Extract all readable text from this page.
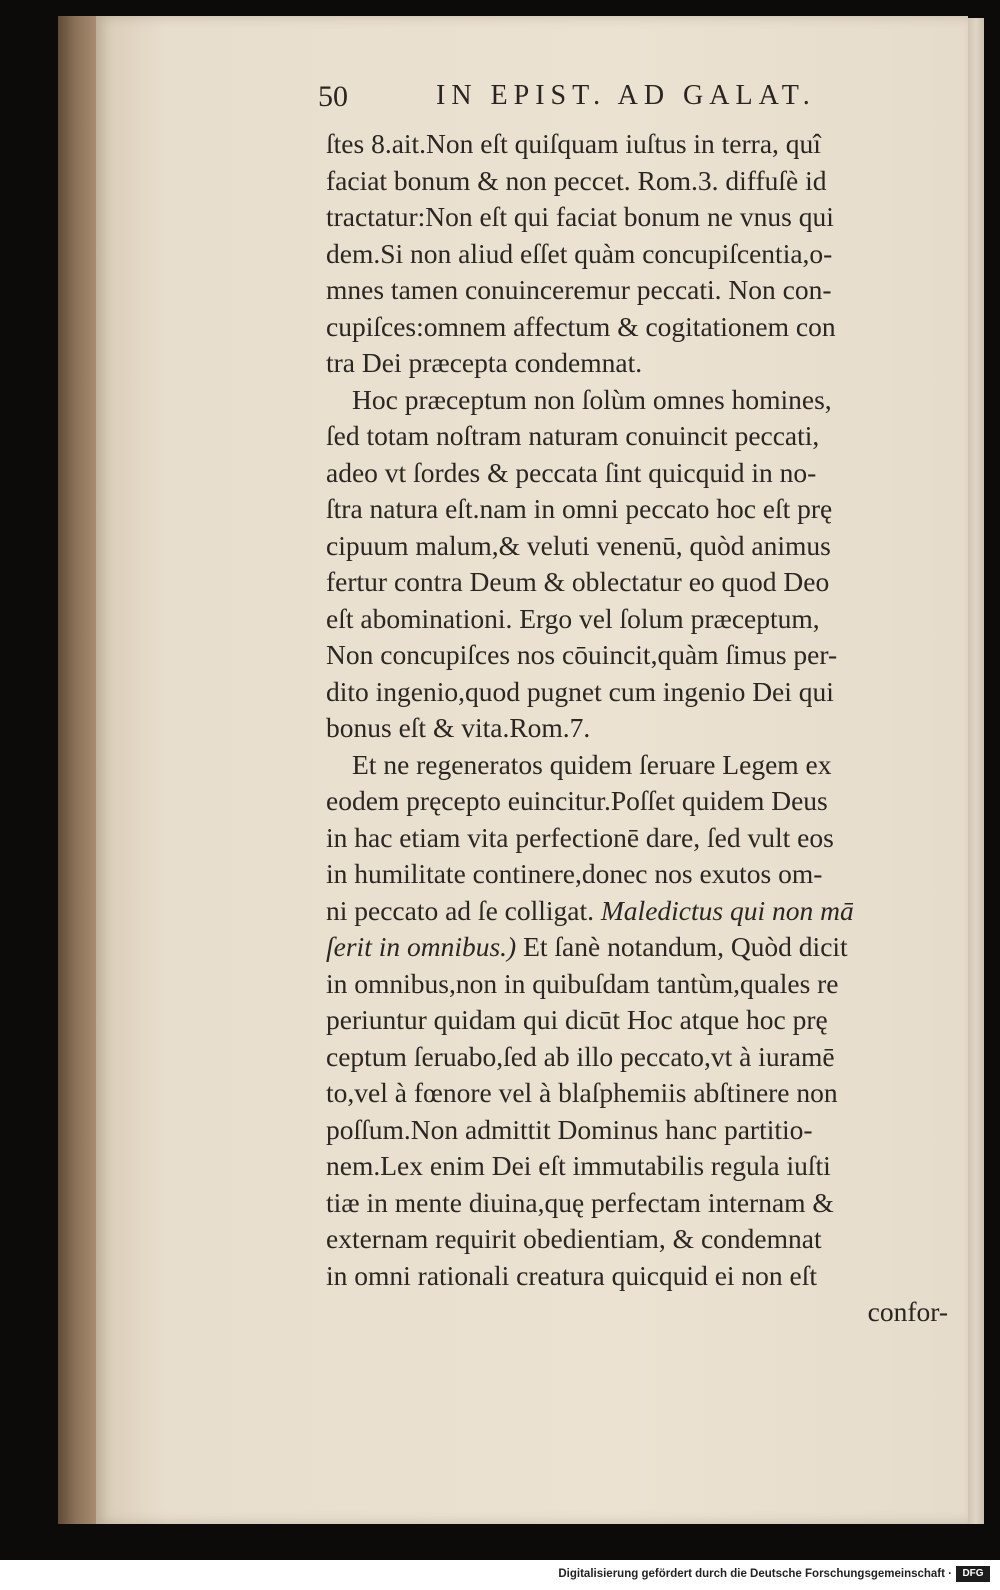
50	IN EPIST. AD GALAT.
ſtes 8.ait.Non eſt quiſquam iuſtus in terra, quî
faciat bonum & non peccet. Rom.3. diffuſè id
tractatur:Non eſt qui faciat bonum ne vnus qui
dem.Si non aliud eſſet quàm concupiſcentia,o-
mnes tamen conuinceremur peccati. Non con-
cupiſces:omnem affectum & cogitationem con
tra Dei præcepta condemnat.
Hoc præceptum non ſolùm omnes homines,
ſed totam noſtram naturam conuincit peccati,
adeo vt ſordes & peccata ſint quicquid in no-
ſtra natura eſt.nam in omni peccato hoc eſt prę
cipuum malum,& veluti venenū, quòd animus
fertur contra Deum & oblectatur eo quod Deo
eſt abominationi. Ergo vel ſolum præceptum,
Non concupiſces nos cōuincit,quàm ſimus per-
dito ingenio,quod pugnet cum ingenio Dei qui
bonus eſt & vita.Rom.7.
Et ne regeneratos quidem ſeruare Legem ex
eodem pręcepto euincitur.Poſſet quidem Deus
in hac etiam vita perfectionē dare, ſed vult eos
in humilitate continere,donec nos exutos om-
ni peccato ad ſe colligat. Maledictus qui non mā
ſerit in omnibus.) Et ſanè notandum, Quòd dicit
in omnibus,non in quibuſdam tantùm,quales re
periuntur quidam qui dicūt Hoc atque hoc prę
ceptum ſeruabo,ſed ab illo peccato,vt à iuramē
to,vel à fœnore vel à blaſphemiis abſtinere non
poſſum.Non admittit Dominus hanc partitio-
nem.Lex enim Dei eſt immutabilis regula iuſti
tiæ in mente diuina,quę perfectam internam &
externam requirit obedientiam, & condemnat
in omni rationali creatura quicquid ei non eſt
confor-
Digitalisierung gefördert durch die Deutsche Forschungsgemeinschaft ·	DFG
